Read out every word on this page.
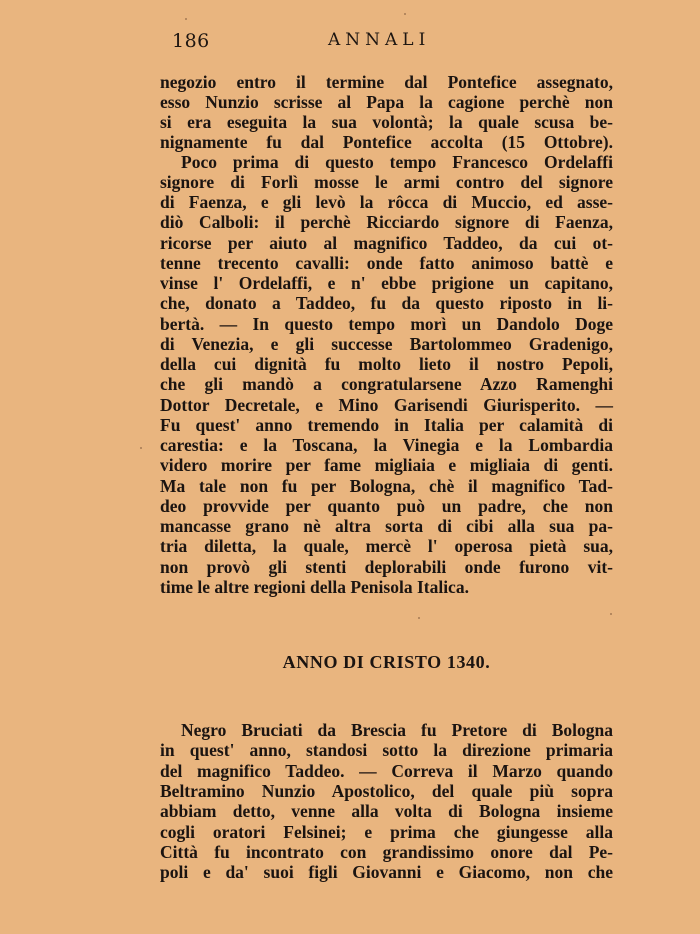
186	ANNALI
negozio entro il termine dal Pontefice assegnato,
esso Nunzio scrisse al Papa la cagione perchè non
si era eseguita la sua volontà; la quale scusa be-
nignamente fu dal Pontefice accolta (15 Ottobre).
Poco prima di questo tempo Francesco Ordelaffi
signore di Forlì mosse le armi contro del signore
di Faenza, e gli levò la rôcca di Muccio, ed asse-
diò Calboli: il perchè Ricciardo signore di Faenza,
ricorse per aiuto al magnifico Taddeo, da cui ot-
tenne trecento cavalli: onde fatto animoso battè e
vinse l' Ordelaffi, e n' ebbe prigione un capitano,
che, donato a Taddeo, fu da questo riposto in li-
bertà. — In questo tempo morì un Dandolo Doge
di Venezia, e gli successe Bartolommeo Gradenigo,
della cui dignità fu molto lieto il nostro Pepoli,
che gli mandò a congratularsene Azzo Ramenghi
Dottor Decretale, e Mino Garisendi Giurisperito. —
Fu quest' anno tremendo in Italia per calamità di
carestia: e la Toscana, la Vinegia e la Lombardia
videro morire per fame migliaia e migliaia di genti.
Ma tale non fu per Bologna, chè il magnifico Tad-
deo provvide per quanto può un padre, che non
mancasse grano nè altra sorta di cibi alla sua pa-
tria diletta, la quale, mercè l' operosa pietà sua,
non provò gli stenti deplorabili onde furono vit-
time le altre regioni della Penisola Italica.
ANNO DI CRISTO 1340.
Negro Bruciati da Brescia fu Pretore di Bologna
in quest' anno, standosi sotto la direzione primaria
del magnifico Taddeo. — Correva il Marzo quando
Beltramino Nunzio Apostolico, del quale più sopra
abbiam detto, venne alla volta di Bologna insieme
cogli oratori Felsinei; e prima che giungesse alla
Città fu incontrato con grandissimo onore dal Pe-
poli e da' suoi figli Giovanni e Giacomo, non che
